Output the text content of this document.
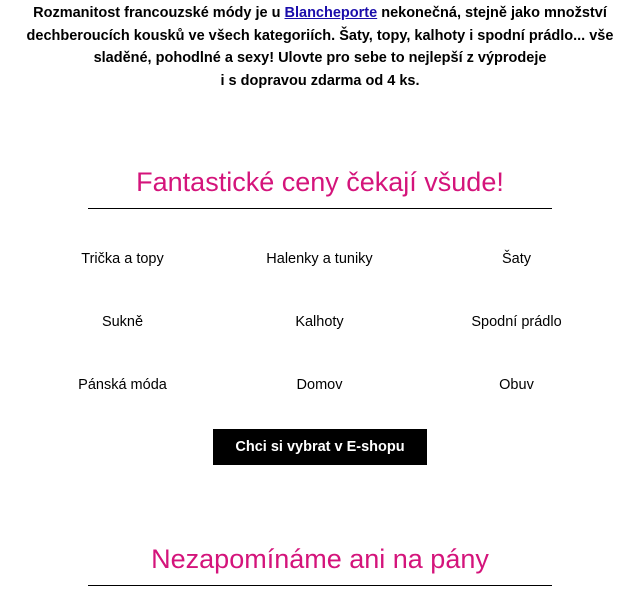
Rozmanitost francouzské módy je u Blancheporte nekonečná, stejně jako množství dechberoucích kousků ve všech kategoriích. Šaty, topy, kalhoty i spodní prádlo... vše sladěné, pohodlné a sexy! Ulovte pro sebe to nejlepší z výprodeje
i s dopravou zdarma od 4 ks.
Fantastické ceny čekají všude!
Trička a topy	Halenky a tuniky	Šaty
Sukně	Kalhoty	Spodní prádlo
Pánská móda	Domov	Obuv
Chci si vybrat v E-shopu
Nezapomínáme ani na pány
